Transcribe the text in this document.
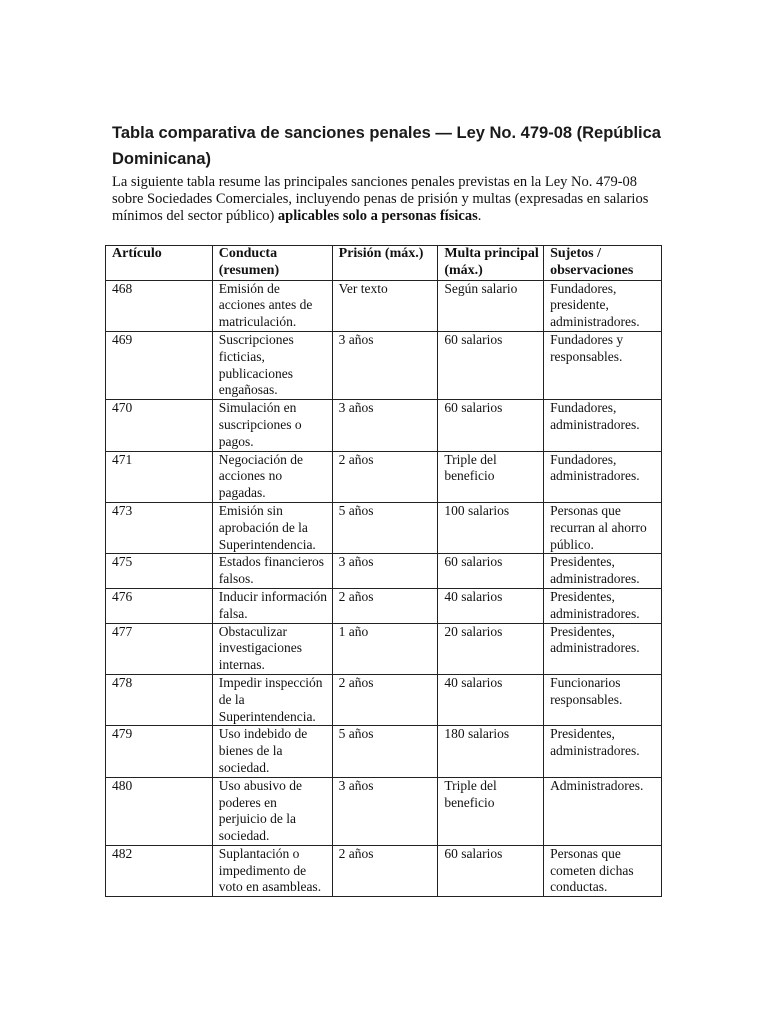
Tabla comparativa de sanciones penales — Ley No. 479-08 (República Dominicana)

La siguiente tabla resume las principales sanciones penales previstas en la Ley No. 479-08 sobre Sociedades Comerciales, incluyendo penas de prisión y multas (expresadas en salarios mínimos del sector público) aplicables solo a personas físicas.

Artículo	Conducta (resumen)	Prisión (máx.)	Multa principal (máx.)	Sujetos / observaciones
468	Emisión de acciones antes de matriculación.	Ver texto	Según salario	Fundadores, presidente, administradores.
469	Suscripciones ficticias, publicaciones engañosas.	3 años	60 salarios	Fundadores y responsables.
470	Simulación en suscripciones o pagos.	3 años	60 salarios	Fundadores, administradores.
471	Negociación de acciones no pagadas.	2 años	Triple del beneficio	Fundadores, administradores.
473	Emisión sin aprobación de la Superintendencia.	5 años	100 salarios	Personas que recurran al ahorro público.
475	Estados financieros falsos.	3 años	60 salarios	Presidentes, administradores.
476	Inducir información falsa.	2 años	40 salarios	Presidentes, administradores.
477	Obstaculizar investigaciones internas.	1 año	20 salarios	Presidentes, administradores.
478	Impedir inspección de la Superintendencia.	2 años	40 salarios	Funcionarios responsables.
479	Uso indebido de bienes de la sociedad.	5 años	180 salarios	Presidentes, administradores.
480	Uso abusivo de poderes en perjuicio de la sociedad.	3 años	Triple del beneficio	Administradores.
482	Suplantación o impedimento de voto en asambleas.	2 años	60 salarios	Personas que cometen dichas conductas.
